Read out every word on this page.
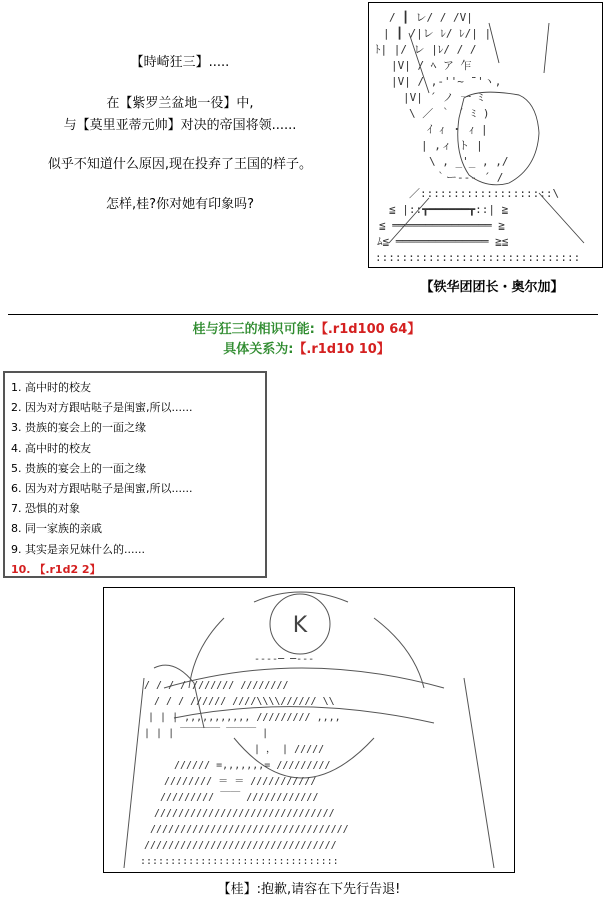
【時崎狂三】.....
在【紫罗兰盆地一役】中,
与【莫里亚蒂元帅】对决的帝国将领......
似乎不知道什么原因,现在投弃了王国的样子。
怎样,桂?你对她有印象吗?
/ ┃ レ/ / /V|
| ┃ /|レ ﾚ/ ﾚ/| |
ﾄ| |/ レ |ﾚ/ / /
|V| / ﾍ ア 乍
|V| / ,-''~ ̄¨'ヽ,
|V| ´ ノ 一 ﾐ
\ ／ ｀ ´ ﾐ )
ｲ ｨ ・ ｨ |
| ,ィ ト |
\ , _'_ , ,/
｀ー‐‐‐ ´ /
／::::::::::::::::::::\
≦ |::┳━━━━━━┳::| ≧
≦ ═══════════════ ≧
ﾑ≦ ══════════════ ≧≦
:::::::::::::::::::::::::::::::
【铁华团团长・奥尔加】
桂与狂三的相识可能:【.r1d100 64】
具体关系为:【.r1d10 10】
1. 高中时的校友
2. 因为对方跟咕哒子是闺蜜,所以......
3. 贵族的宴会上的一面之缘
4. 高中时的校友
5. 贵族的宴会上的一面之缘
6. 因为对方跟咕哒子是闺蜜,所以......
7. 恐惧的对象
8. 同一家族的亲戚
9. 其实是亲兄妹什么的......
10. 【.r1d2 2】
K
-‐-‐─ ─‐-‐
/ / / / /////// ////////
/ / / ////// ////\\\\////// \\
| | | ,,,,,,,,,,, ///////// ,,,,
| | | ￣￣￣￣ ￣￣￣ |
| ， | /////
////// =,,,,,,,= /////////
//////// ＝ ＝ ///////////
///////// ￣￣ ////////////
//////////////////////////////
/////////////////////////////////
////////////////////////////////
:::::::::::::::::::::::::::::::::
【桂】:抱歉,请容在下先行告退!
